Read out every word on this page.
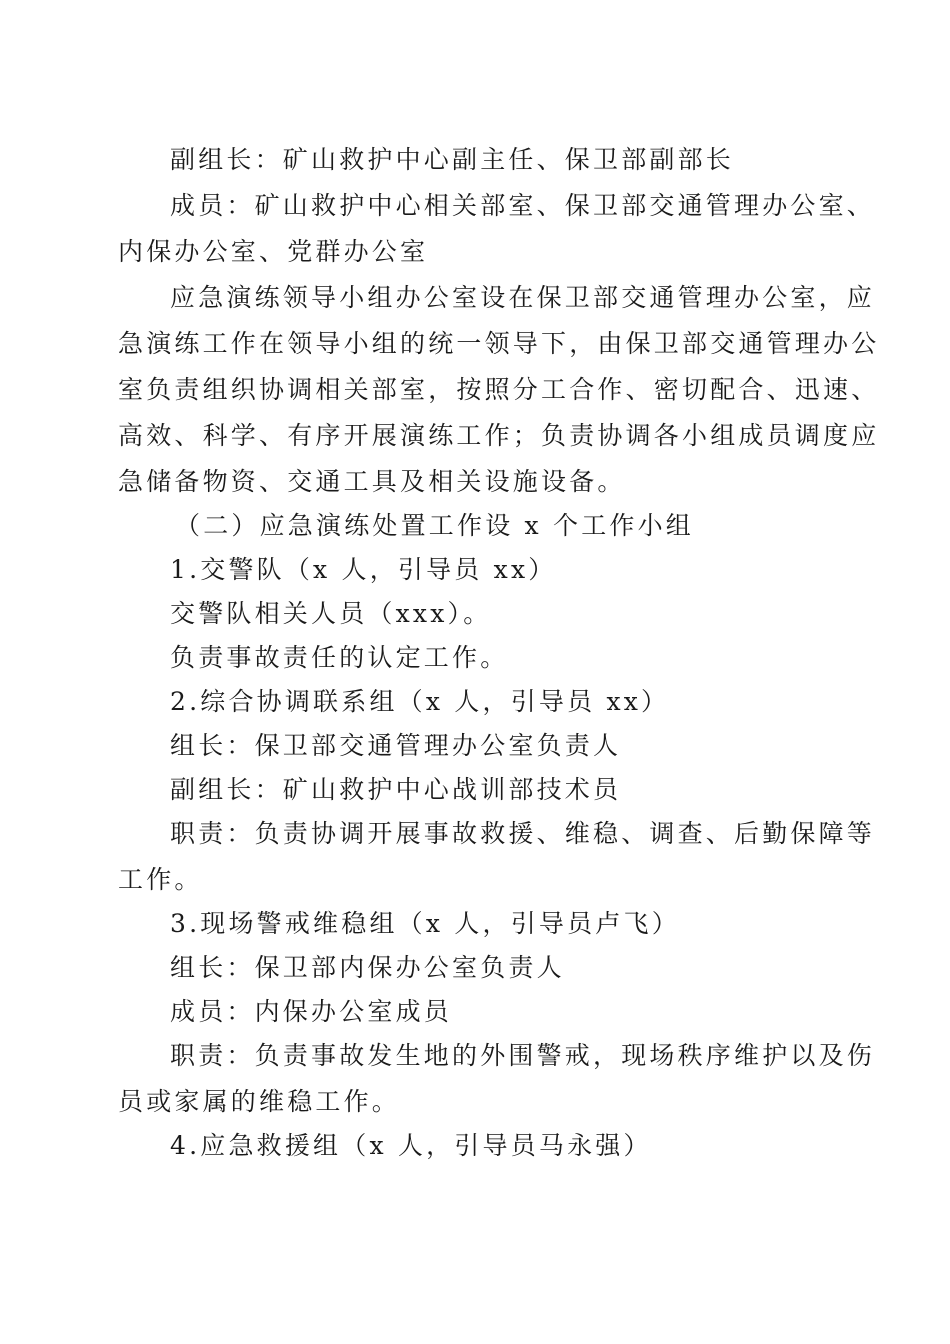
副组长：矿山救护中心副主任、保卫部副部长
成员：矿山救护中心相关部室、保卫部交通管理办公室、
内保办公室、党群办公室
应急演练领导小组办公室设在保卫部交通管理办公室，应
急演练工作在领导小组的统一领导下，由保卫部交通管理办公
室负责组织协调相关部室，按照分工合作、密切配合、迅速、
高效、科学、有序开展演练工作；负责协调各小组成员调度应
急储备物资、交通工具及相关设施设备。
（二）应急演练处置工作设 x 个工作小组
1.交警队（x 人，引导员 xx）
交警队相关人员（xxx）。
负责事故责任的认定工作。
2.综合协调联系组（x 人，引导员 xx）
组长：保卫部交通管理办公室负责人
副组长：矿山救护中心战训部技术员
职责：负责协调开展事故救援、维稳、调查、后勤保障等
工作。
3.现场警戒维稳组（x 人，引导员卢飞）
组长：保卫部内保办公室负责人
成员：内保办公室成员
职责：负责事故发生地的外围警戒，现场秩序维护以及伤
员或家属的维稳工作。
4.应急救援组（x 人，引导员马永强）
